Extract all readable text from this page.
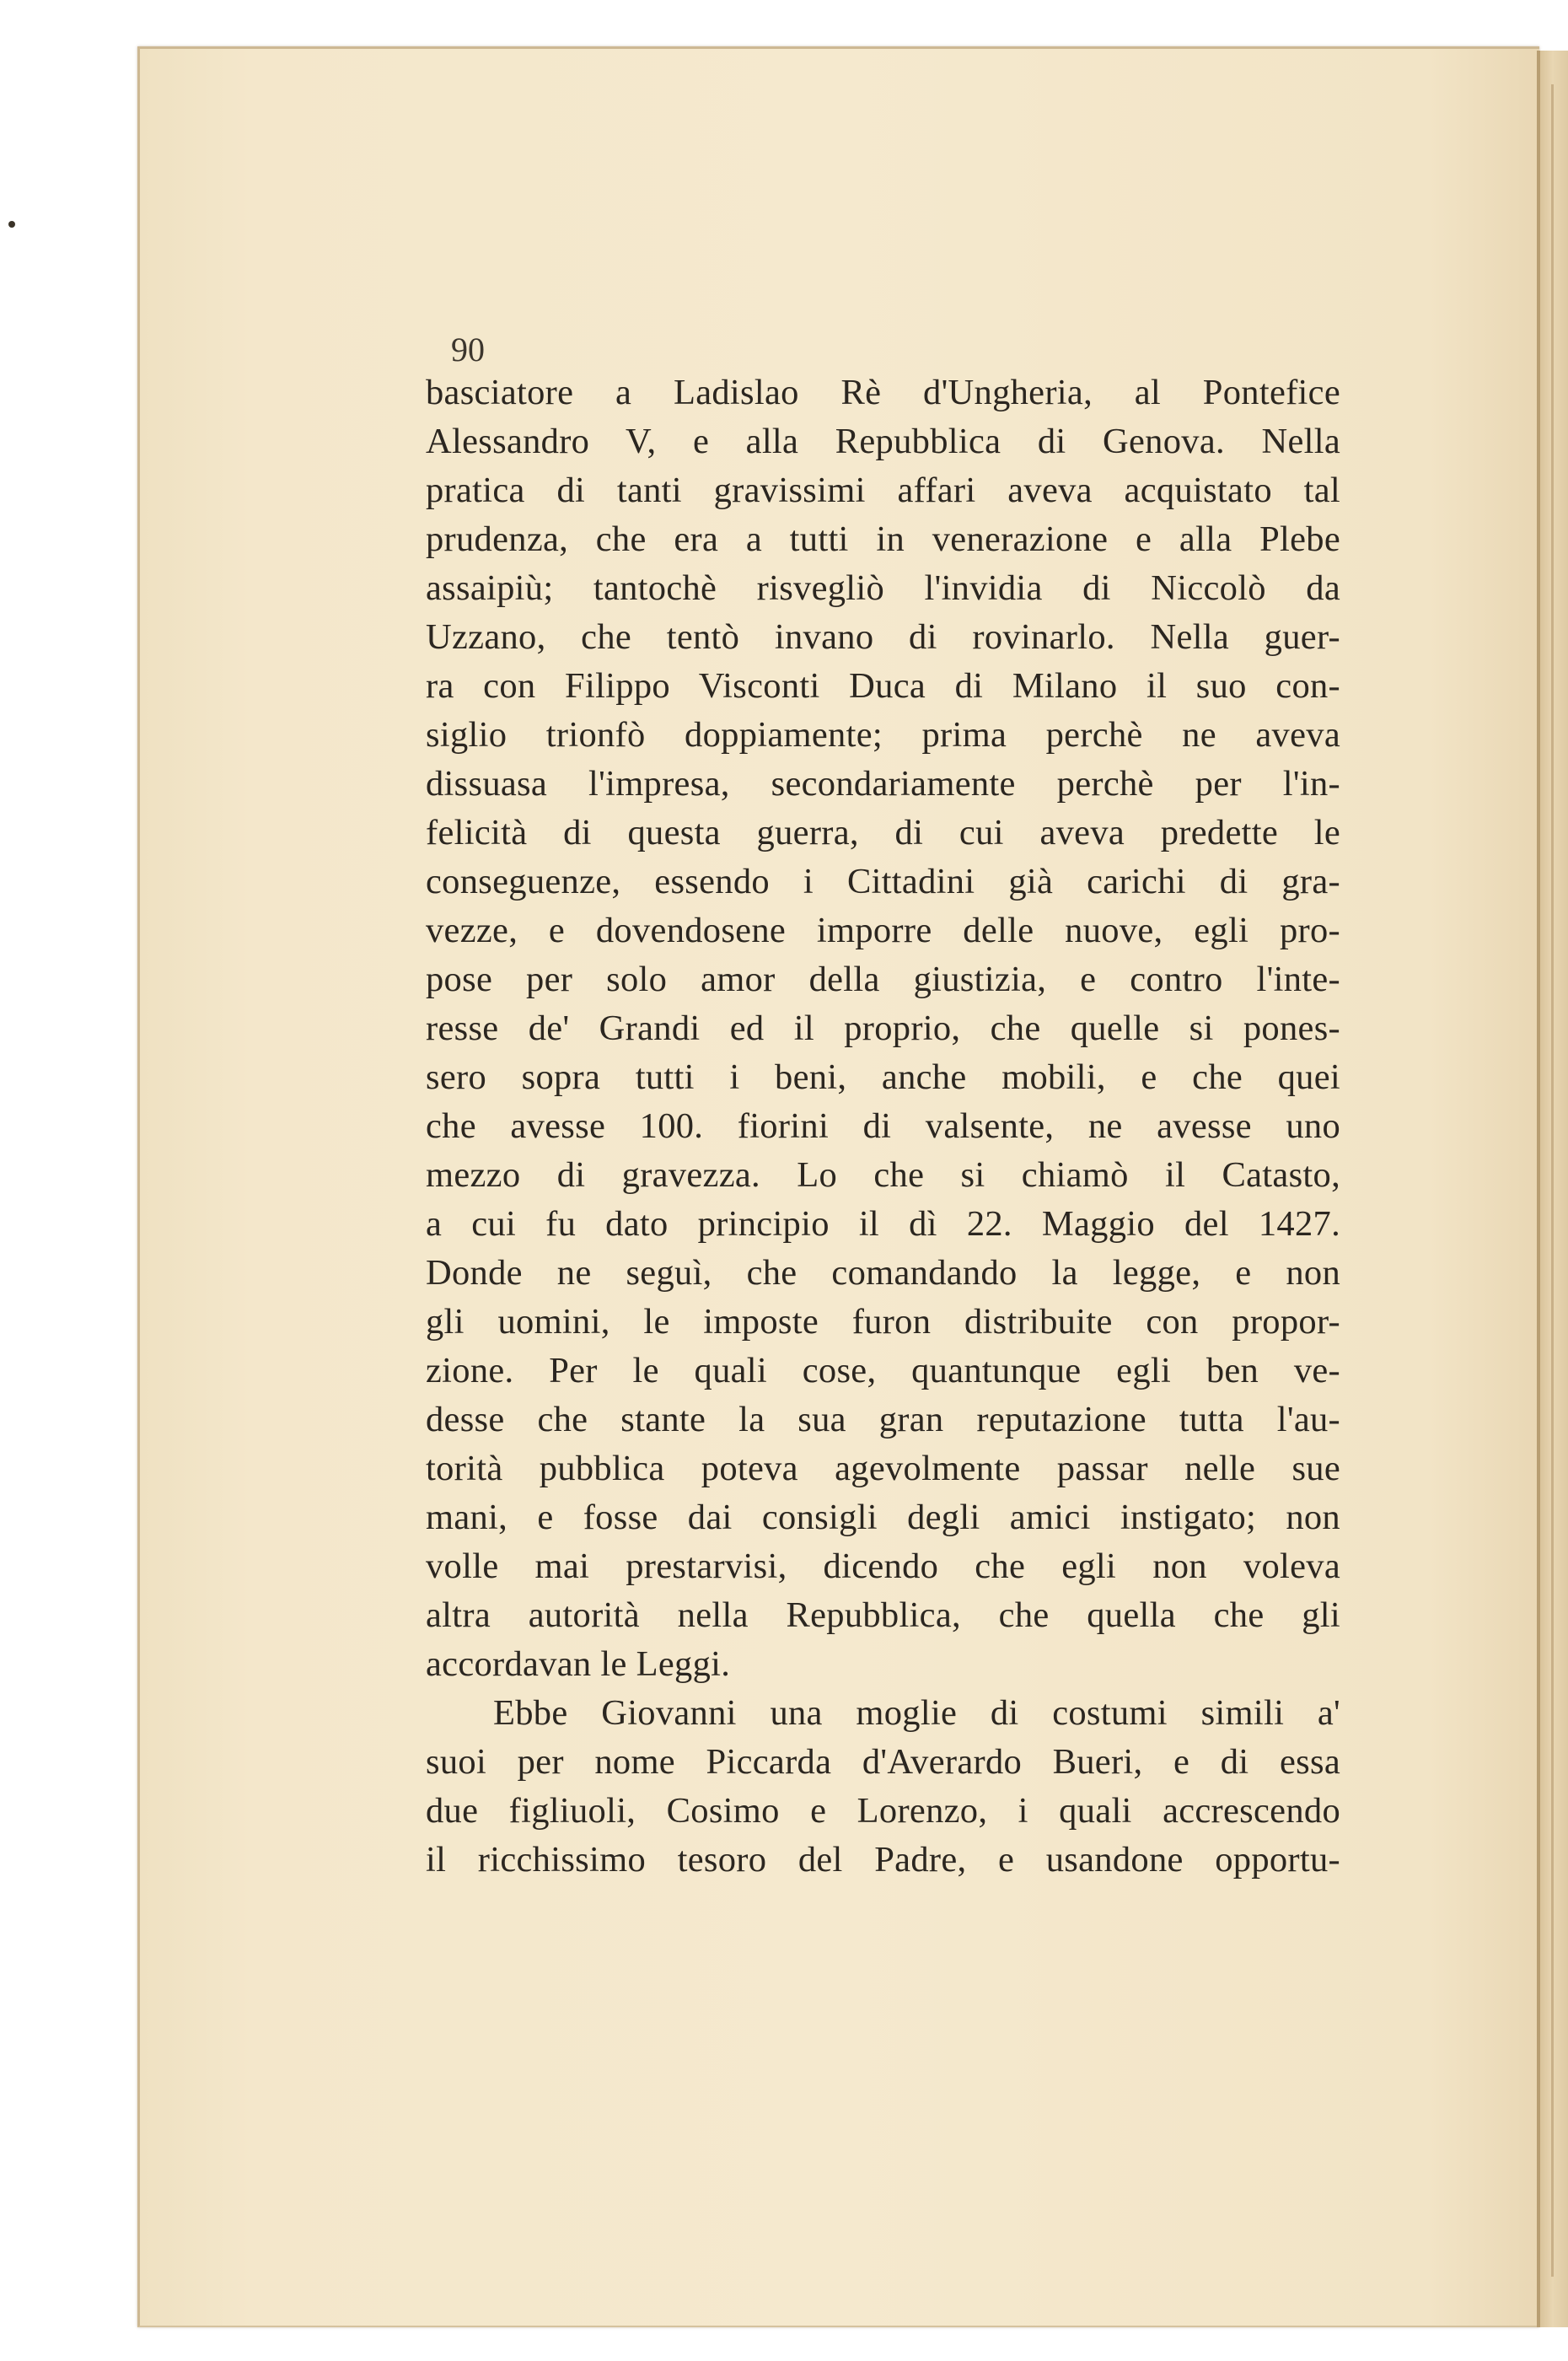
90
basciatore a Ladislao Rè d'Ungheria, al Pontefice
Alessandro V, e alla Repubblica di Genova. Nella
pratica di tanti gravissimi affari aveva acquistato tal
prudenza, che era a tutti in venerazione e alla Plebe
assaipiù; tantochè risvegliò l'invidia di Niccolò da
Uzzano, che tentò invano di rovinarlo. Nella guer-
ra con Filippo Visconti Duca di Milano il suo con-
siglio trionfò doppiamente; prima perchè ne aveva
dissuasa l'impresa, secondariamente perchè per l'in-
felicità di questa guerra, di cui aveva predette le
conseguenze, essendo i Cittadini già carichi di gra-
vezze, e dovendosene imporre delle nuove, egli pro-
pose per solo amor della giustizia, e contro l'inte-
resse de' Grandi ed il proprio, che quelle si pones-
sero sopra tutti i beni, anche mobili, e che quei
che avesse 100. fiorini di valsente, ne avesse uno
mezzo di gravezza. Lo che si chiamò il Catasto,
a cui fu dato principio il dì 22. Maggio del 1427.
Donde ne seguì, che comandando la legge, e non
gli uomini, le imposte furon distribuite con propor-
zione. Per le quali cose, quantunque egli ben ve-
desse che stante la sua gran reputazione tutta l'au-
torità pubblica poteva agevolmente passar nelle sue
mani, e fosse dai consigli degli amici instigato; non
volle mai prestarvisi, dicendo che egli non voleva
altra autorità nella Repubblica, che quella che gli
accordavan le Leggi.
Ebbe Giovanni una moglie di costumi simili a'
suoi per nome Piccarda d'Averardo Bueri, e di essa
due figliuoli, Cosimo e Lorenzo, i quali accrescendo
il ricchissimo tesoro del Padre, e usandone opportu-
